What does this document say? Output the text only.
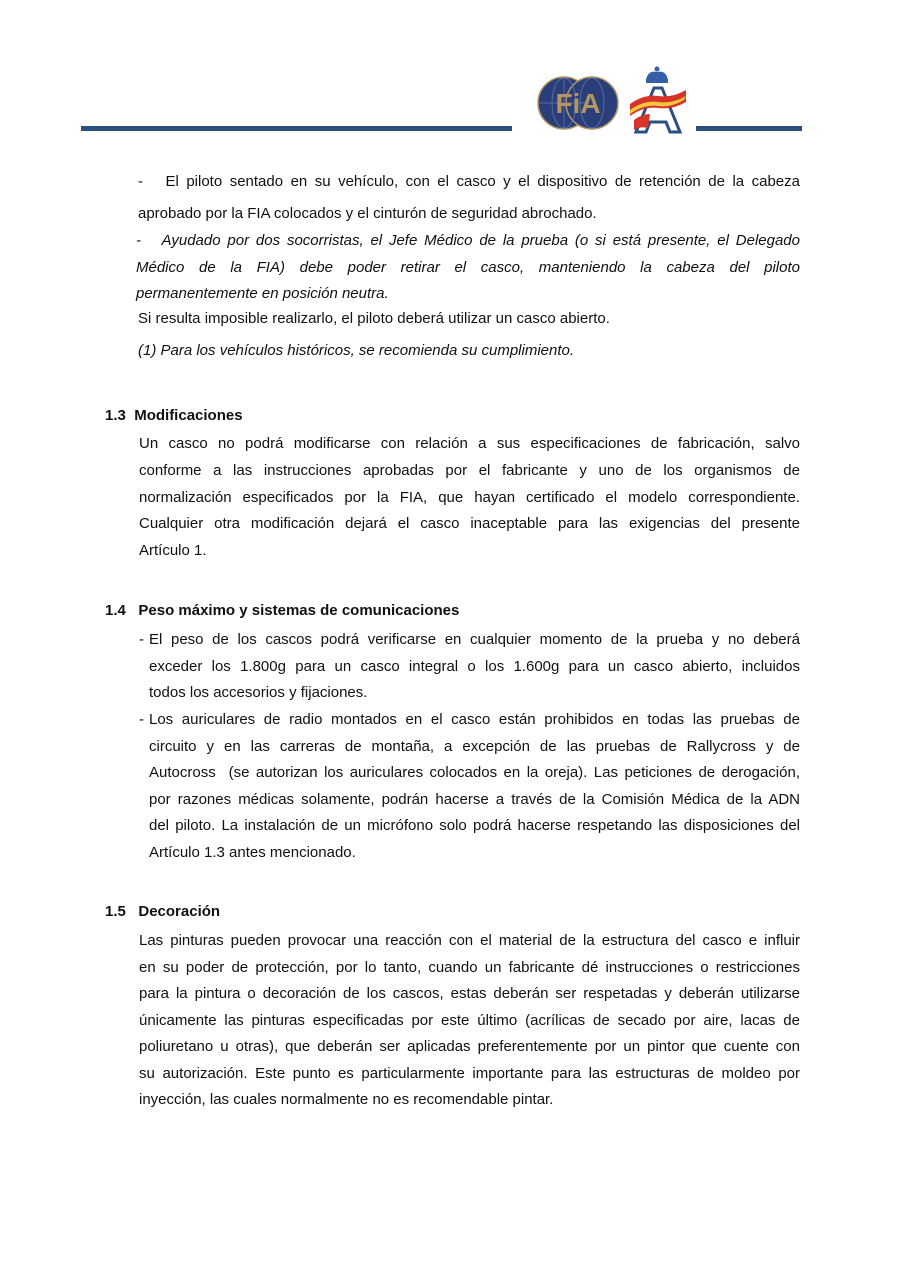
FiA

- El piloto sentado en su vehículo, con el casco y el dispositivo de retención de la cabeza
aprobado por la FIA colocados y el cinturón de seguridad abrochado.

- Ayudado por dos socorristas, el Jefe Médico de la prueba (o si está presente, el Delegado
Médico de la FIA) debe poder retirar el casco, manteniendo la cabeza del piloto
permanentemente en posición neutra.

Si resulta imposible realizarlo, el piloto deberá utilizar un casco abierto.

(1) Para los vehículos históricos, se recomienda su cumplimiento.

1.3 Modificaciones

Un casco no podrá modificarse con relación a sus especificaciones de fabricación, salvo
conforme a las instrucciones aprobadas por el fabricante y uno de los organismos de
normalización especificados por la FIA, que hayan certificado el modelo correspondiente.
Cualquier otra modificación dejará el casco inaceptable para las exigencias del presente
Artículo 1.

1.4 Peso máximo y sistemas de comunicaciones
- El peso de los cascos podrá verificarse en cualquier momento de la prueba y no deberá
exceder los 1.800g para un casco integral o los 1.600g para un casco abierto, incluidos
todos los accesorios y fijaciones.
- Los auriculares de radio montados en el casco están prohibidos en todas las pruebas de
circuito y en las carreras de montaña, a excepción de las pruebas de Rallycross y de
Autocross  (se autorizan los auriculares colocados en la oreja). Las peticiones de derogación,
por razones médicas solamente, podrán hacerse a través de la Comisión Médica de la ADN
del piloto. La instalación de un micrófono solo podrá hacerse respetando las disposiciones del
Artículo 1.3 antes mencionado.
1.5 Decoración

Las pinturas pueden provocar una reacción con el material de la estructura del casco e influir
en su poder de protección, por lo tanto, cuando un fabricante dé instrucciones o restricciones
para la pintura o decoración de los cascos, estas deberán ser respetadas y deberán utilizarse
únicamente las pinturas especificadas por este último (acrílicas de secado por aire, lacas de
poliuretano u otras), que deberán ser aplicadas preferentemente por un pintor que cuente con
su autorización. Este punto es particularmente importante para las estructuras de moldeo por
inyección, las cuales normalmente no es recomendable pintar.
